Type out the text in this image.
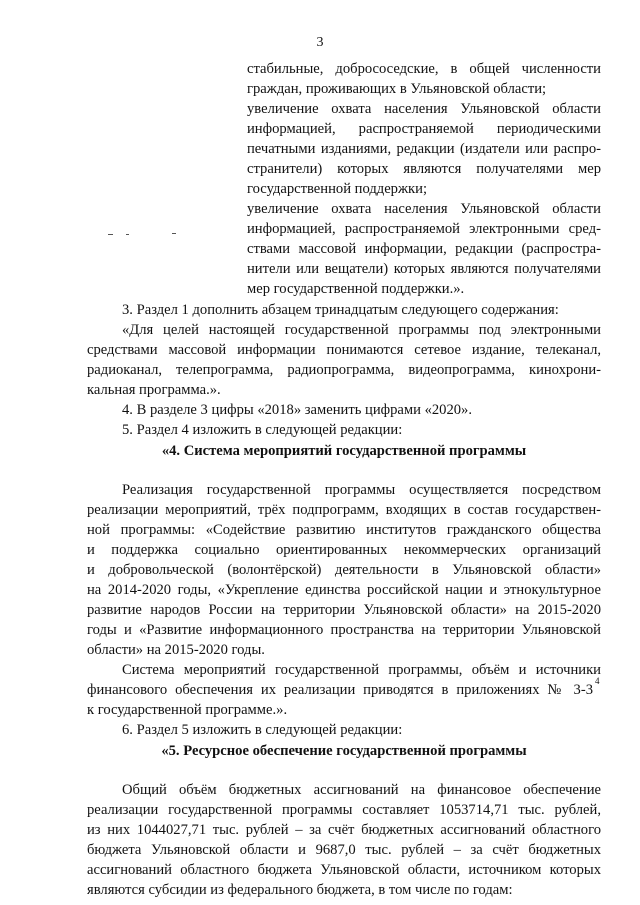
3
стабильные, добрососедские, в общей численности
граждан, проживающих в Ульяновской области;
увеличение охвата населения Ульяновской области
информацией, распространяемой периодическими
печатными изданиями, редакции (издатели или распро-
странители) которых являются получателями мер
государственной поддержки;
увеличение охвата населения Ульяновской области
информацией, распространяемой электронными сред-
ствами массовой информации, редакции (распростра-
нители или вещатели) которых являются получателями
мер государственной поддержки.».
3. Раздел 1 дополнить абзацем тринадцатым следующего содержания:
«Для целей настоящей государственной программы под электронными
средствами массовой информации понимаются сетевое издание, телеканал,
радиоканал, телепрограмма, радиопрограмма, видеопрограмма, кинохрони-
кальная программа.».
4. В разделе 3 цифры «2018» заменить цифрами «2020».
5. Раздел 4 изложить в следующей редакции:
«4. Система мероприятий государственной программы
Реализация государственной программы осуществляется посредством
реализации мероприятий, трёх подпрограмм, входящих в состав государствен-
ной программы: «Содействие развитию институтов гражданского общества
и поддержка социально ориентированных некоммерческих организаций
и добровольческой (волонтёрской) деятельности в Ульяновской области»
на 2014-2020 годы, «Укрепление единства российской нации и этнокультурное
развитие народов России на территории Ульяновской области» на 2015-2020
годы и «Развитие информационного пространства на территории Ульяновской
области» на 2015-2020 годы.
Система мероприятий государственной программы, объём и источники
финансового обеспечения их реализации приводятся в приложениях № 3-3
4
к государственной программе.».
6. Раздел 5 изложить в следующей редакции:
«5. Ресурсное обеспечение государственной программы
Общий объём бюджетных ассигнований на финансовое обеспечение
реализации государственной программы составляет 1053714,71 тыс. рублей,
из них 1044027,71 тыс. рублей – за счёт бюджетных ассигнований областного
бюджета Ульяновской области и 9687,0 тыс. рублей – за счёт бюджетных
ассигнований областного бюджета Ульяновской области, источником которых
являются субсидии из федерального бюджета, в том числе по годам:
